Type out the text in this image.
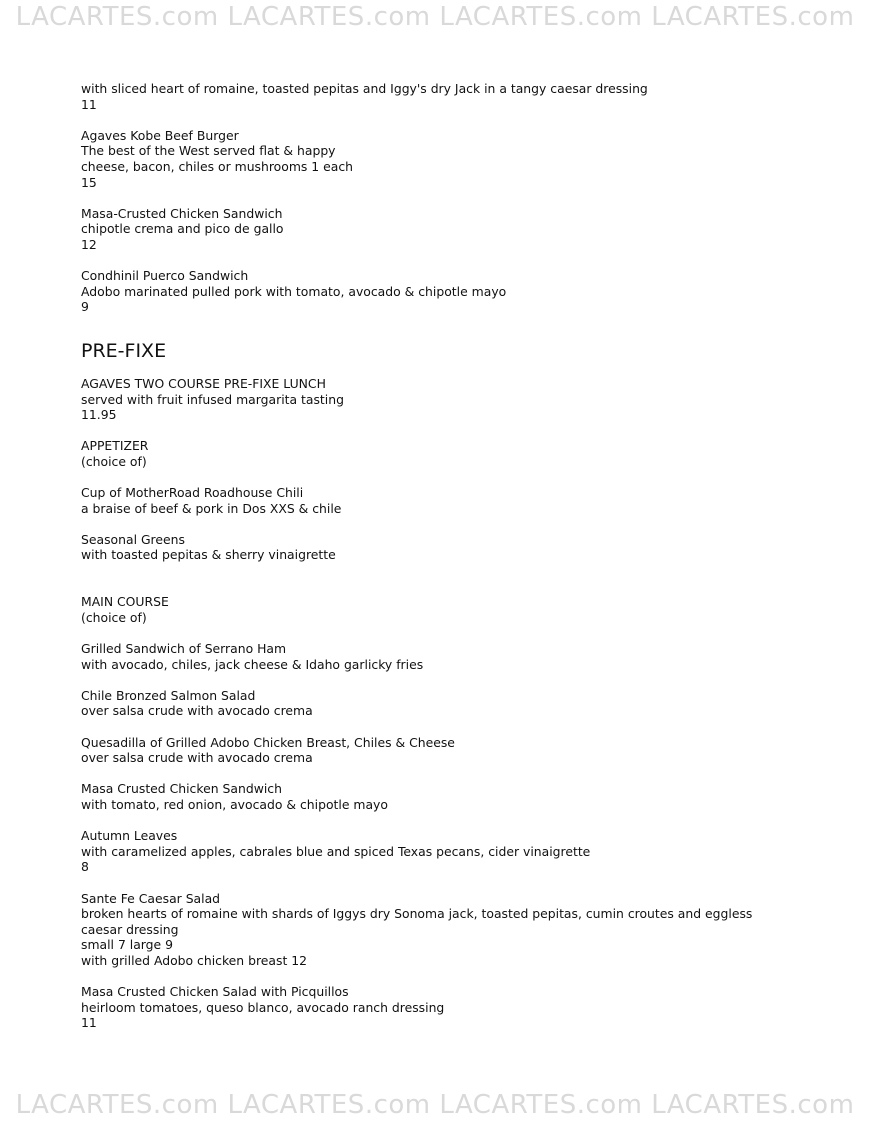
LACARTES.com LACARTES.com LACARTES.com LACARTES.com
with sliced heart of romaine, toasted pepitas and Iggy's dry Jack in a tangy caesar dressing
11
Agaves Kobe Beef Burger
The best of the West served flat & happy
cheese, bacon, chiles or mushrooms 1 each
15
Masa-Crusted Chicken Sandwich
chipotle crema and pico de gallo
12
Condhinil Puerco Sandwich
Adobo marinated pulled pork with tomato, avocado & chipotle mayo
9
PRE-FIXE
AGAVES TWO COURSE PRE-FIXE LUNCH
served with fruit infused margarita tasting
11.95
APPETIZER
(choice of)
Cup of MotherRoad Roadhouse Chili
a braise of beef & pork in Dos XXS & chile
Seasonal Greens
with toasted pepitas & sherry vinaigrette
MAIN COURSE
(choice of)
Grilled Sandwich of Serrano Ham
with avocado, chiles, jack cheese & Idaho garlicky fries
Chile Bronzed Salmon Salad
over salsa crude with avocado crema
Quesadilla of Grilled Adobo Chicken Breast, Chiles & Cheese
over salsa crude with avocado crema
Masa Crusted Chicken Sandwich
with tomato, red onion, avocado & chipotle mayo
Autumn Leaves
with caramelized apples, cabrales blue and spiced Texas pecans, cider vinaigrette
8
Sante Fe Caesar Salad
broken hearts of romaine with shards of Iggys dry Sonoma jack, toasted pepitas, cumin croutes and eggless
caesar dressing
small 7 large 9
with grilled Adobo chicken breast 12
Masa Crusted Chicken Salad with Picquillos
heirloom tomatoes, queso blanco, avocado ranch dressing
11
LACARTES.com LACARTES.com LACARTES.com LACARTES.com
